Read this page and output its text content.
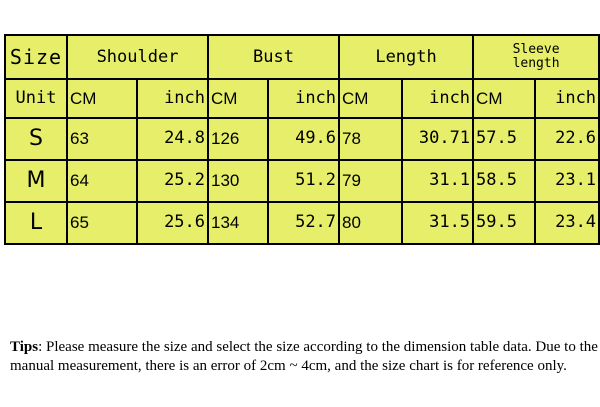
Size	Shoulder		Bust		Length		Sleeve
length	
Unit	CM	inch	CM	inch	CM	inch	CM	inch
S	63	24.8	126	49.6	78	30.71	57.5	22.6
M	64	25.2	130	51.2	79	31.1	58.5	23.1
L	65	25.6	134	52.7	80	31.5	59.5	23.4
Tips: Please measure the size and select the size according to the dimension table data. Due to the manual measurement, there is an error of 2cm ~ 4cm, and the size chart is for reference only.
